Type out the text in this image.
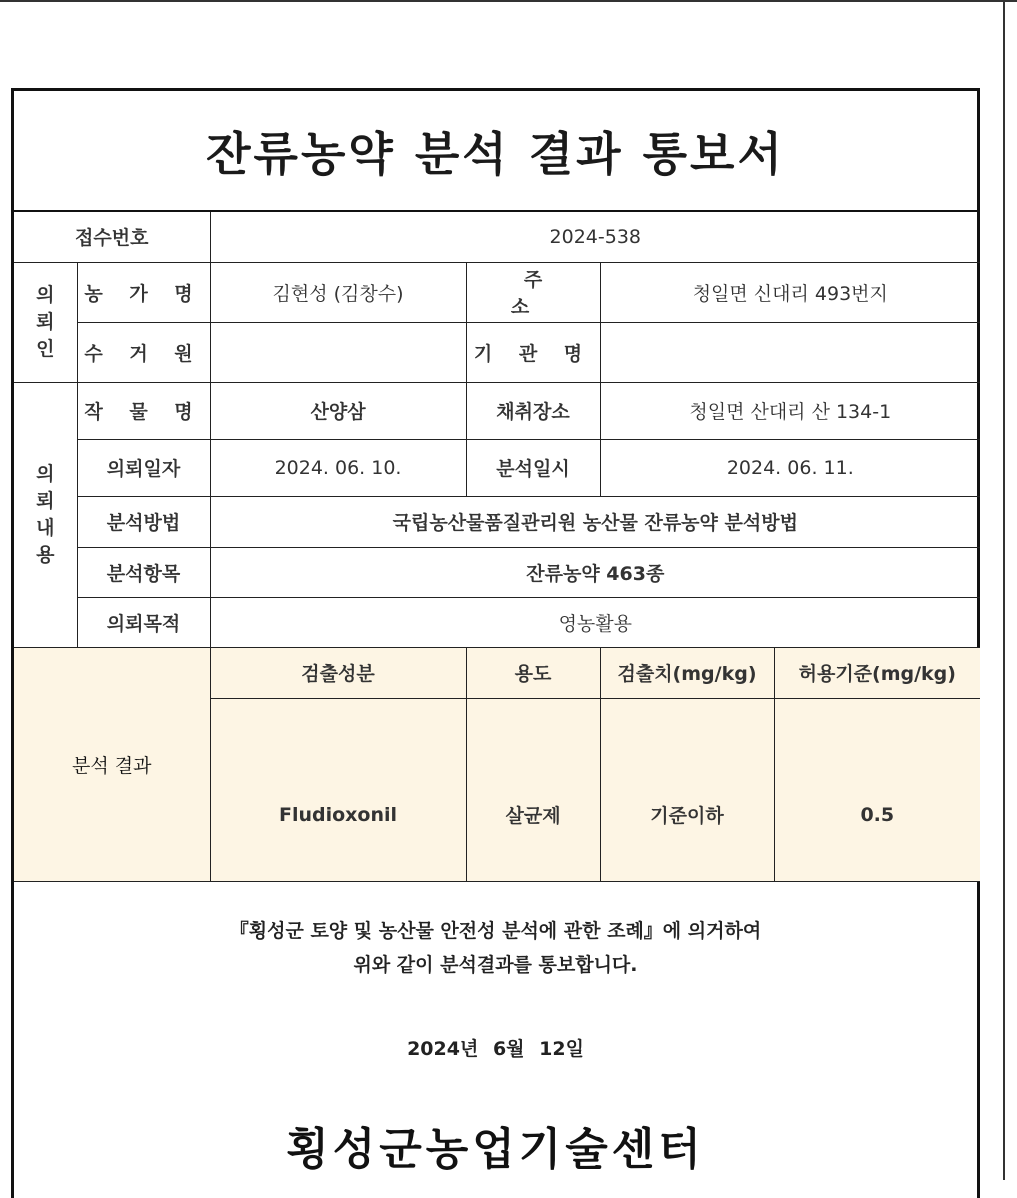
잔류농약 분석 결과 통보서
접수번호		2024-538			

의
뢰
인	농 가 명	김현성 (김창수)	주 소	청일면 신대리 493번지	
	수 거 원		기 관 명		

의
뢰
내
용	작 물 명	산양삼	채취장소	청일면 산대리 산 134-1	
	의뢰일자	2024. 06. 10.	분석일시	2024. 06. 11.	
	분석방법	국립농산물품질관리원 농산물 잔류농약 분석방법			
	분석항목	잔류농약 463종			
	의뢰목적	영농활용			
분석 결과		검출성분	용도	검출치(mg/kg)	허용기준(mg/kg)
		Fludioxonil	살균제	기준이하	0.5
『횡성군 토양 및 농산물 안전성 분석에 관한 조례』에 의거하여
위와 같이 분석결과를 통보합니다.
2024년 6월 12일
횡성군농업기술센터
